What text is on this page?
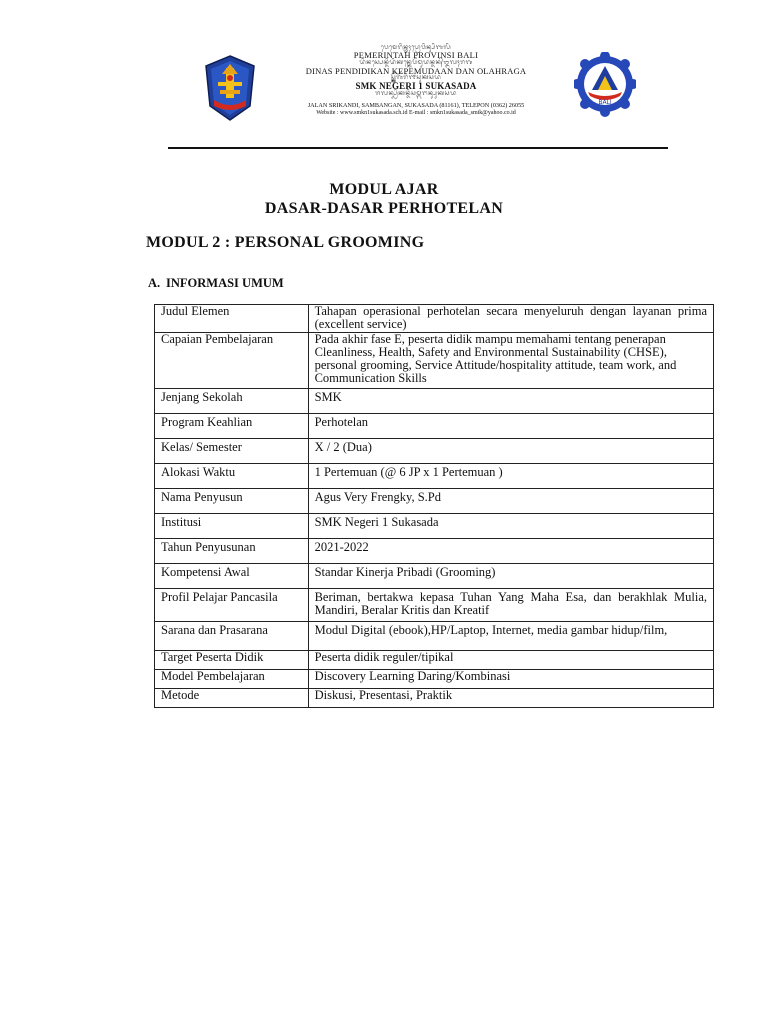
ᬧᬾᬫᬾᬭᬶᬦ᭄ᬢᬄᬧ᭄ᬭᭀᬯᬶᬦ᭄ᬲᬶᬩᬮᬶ
PEMERINTAH PROVINSI BALI
ᬤᬶᬦᬲ᭄ᬧᬾᬦ᭄ᬤᬶᬤᬶᬓᬦ᭄ᬓᬾᬧᭂᬫᬸᬤᬦ᭄ᬤᬦ᭄ᬑᬮᬄᬭᬕ
DINAS PENDIDIKAN KEPEMUDAAN DAN OLAHRAGA
ᬲ᭄ᬫ᭄ᬓ᭄ᬦᭂᬕᭂᬭᬶ᭑ᬲᬸᬓᬲᬤ
SMK NEGERI 1 SUKASADA
ᬚᬮᬦ᭄ᬲ᭄ᬭᬶᬓᬦ᭄ᬤᬶᬲᬫ᭄ᬩᬗᬦ᭄ᬲᬸᬓᬲᬤ
JALAN SRIKANDI, SAMBANGAN, SUKASADA (81161), TELEPON (0362) 26055
Website : www.smkn1sukasada.sch.id E-mail : smkn1sukasada_smik@yahoo.co.id
BALI
MODUL AJAR
DASAR-DASAR PERHOTELAN
MODUL 2 : PERSONAL GROOMING
A. INFORMASI UMUM
Judul Elemen	Tahapan operasional perhotelan secara menyeluruh dengan layanan prima (excellent service)
Capaian Pembelajaran	Pada akhir fase E, peserta didik mampu memahami tentang penerapan Cleanliness, Health, Safety and Environmental Sustainability (CHSE), personal grooming, Service Attitude/hospitality attitude, team work, and Communication Skills
Jenjang Sekolah	SMK
Program Keahlian	Perhotelan
Kelas/ Semester	X / 2 (Dua)
Alokasi Waktu	1 Pertemuan (@ 6 JP x 1 Pertemuan )
Nama Penyusun	Agus Very Frengky, S.Pd
Institusi	SMK Negeri 1 Sukasada
Tahun Penyusunan	2021-2022
Kompetensi Awal	Standar Kinerja Pribadi (Grooming)
Profil Pelajar Pancasila	Beriman, bertakwa kepasa Tuhan Yang Maha Esa, dan berakhlak Mulia, Mandiri, Beralar Kritis dan Kreatif
Sarana dan Prasarana	Modul Digital (ebook),HP/Laptop, Internet, media gambar hidup/film,
Target Peserta Didik	Peserta didik reguler/tipikal
Model Pembelajaran	Discovery Learning Daring/Kombinasi
Metode	Diskusi, Presentasi, Praktik
